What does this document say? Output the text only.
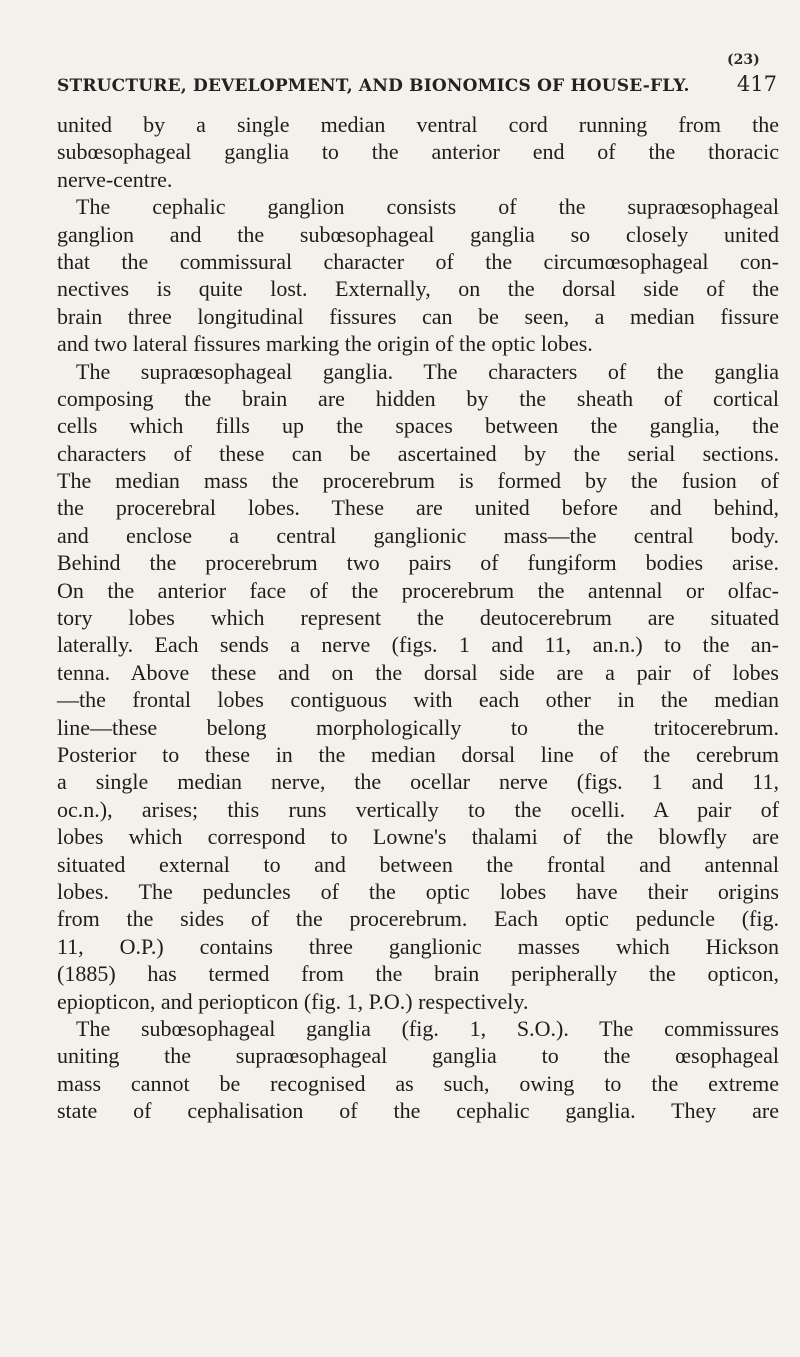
(23)
STRUCTURE, DEVELOPMENT, AND BIONOMICS OF HOUSE-FLY. 417
united by a single median ventral cord running from the
subœsophageal ganglia to the anterior end of the thoracic
nerve-centre.
The cephalic ganglion consists of the supraœsophageal
ganglion and the subœsophageal ganglia so closely united
that the commissural character of the circumœsophageal con-
nectives is quite lost. Externally, on the dorsal side of the
brain three longitudinal fissures can be seen, a median fissure
and two lateral fissures marking the origin of the optic lobes.
The supraœsophageal ganglia. The characters of the ganglia
composing the brain are hidden by the sheath of cortical
cells which fills up the spaces between the ganglia, the
characters of these can be ascertained by the serial sections.
The median mass the procerebrum is formed by the fusion of
the procerebral lobes. These are united before and behind,
and enclose a central ganglionic mass—the central body.
Behind the procerebrum two pairs of fungiform bodies arise.
On the anterior face of the procerebrum the antennal or olfac-
tory lobes which represent the deutocerebrum are situated
laterally. Each sends a nerve (figs. 1 and 11, an.n.) to the an-
tenna. Above these and on the dorsal side are a pair of lobes
—the frontal lobes contiguous with each other in the median
line—these belong morphologically to the tritocerebrum.
Posterior to these in the median dorsal line of the cerebrum
a single median nerve, the ocellar nerve (figs. 1 and 11,
oc.n.), arises; this runs vertically to the ocelli. A pair of
lobes which correspond to Lowne's thalami of the blowfly are
situated external to and between the frontal and antennal
lobes. The peduncles of the optic lobes have their origins
from the sides of the procerebrum. Each optic peduncle (fig.
11, O.P.) contains three ganglionic masses which Hickson
(1885) has termed from the brain peripherally the opticon,
epiopticon, and periopticon (fig. 1, P.O.) respectively.
The subœsophageal ganglia (fig. 1, S.O.). The commissures
uniting the supraœsophageal ganglia to the œsophageal
mass cannot be recognised as such, owing to the extreme
state of cephalisation of the cephalic ganglia. They are
